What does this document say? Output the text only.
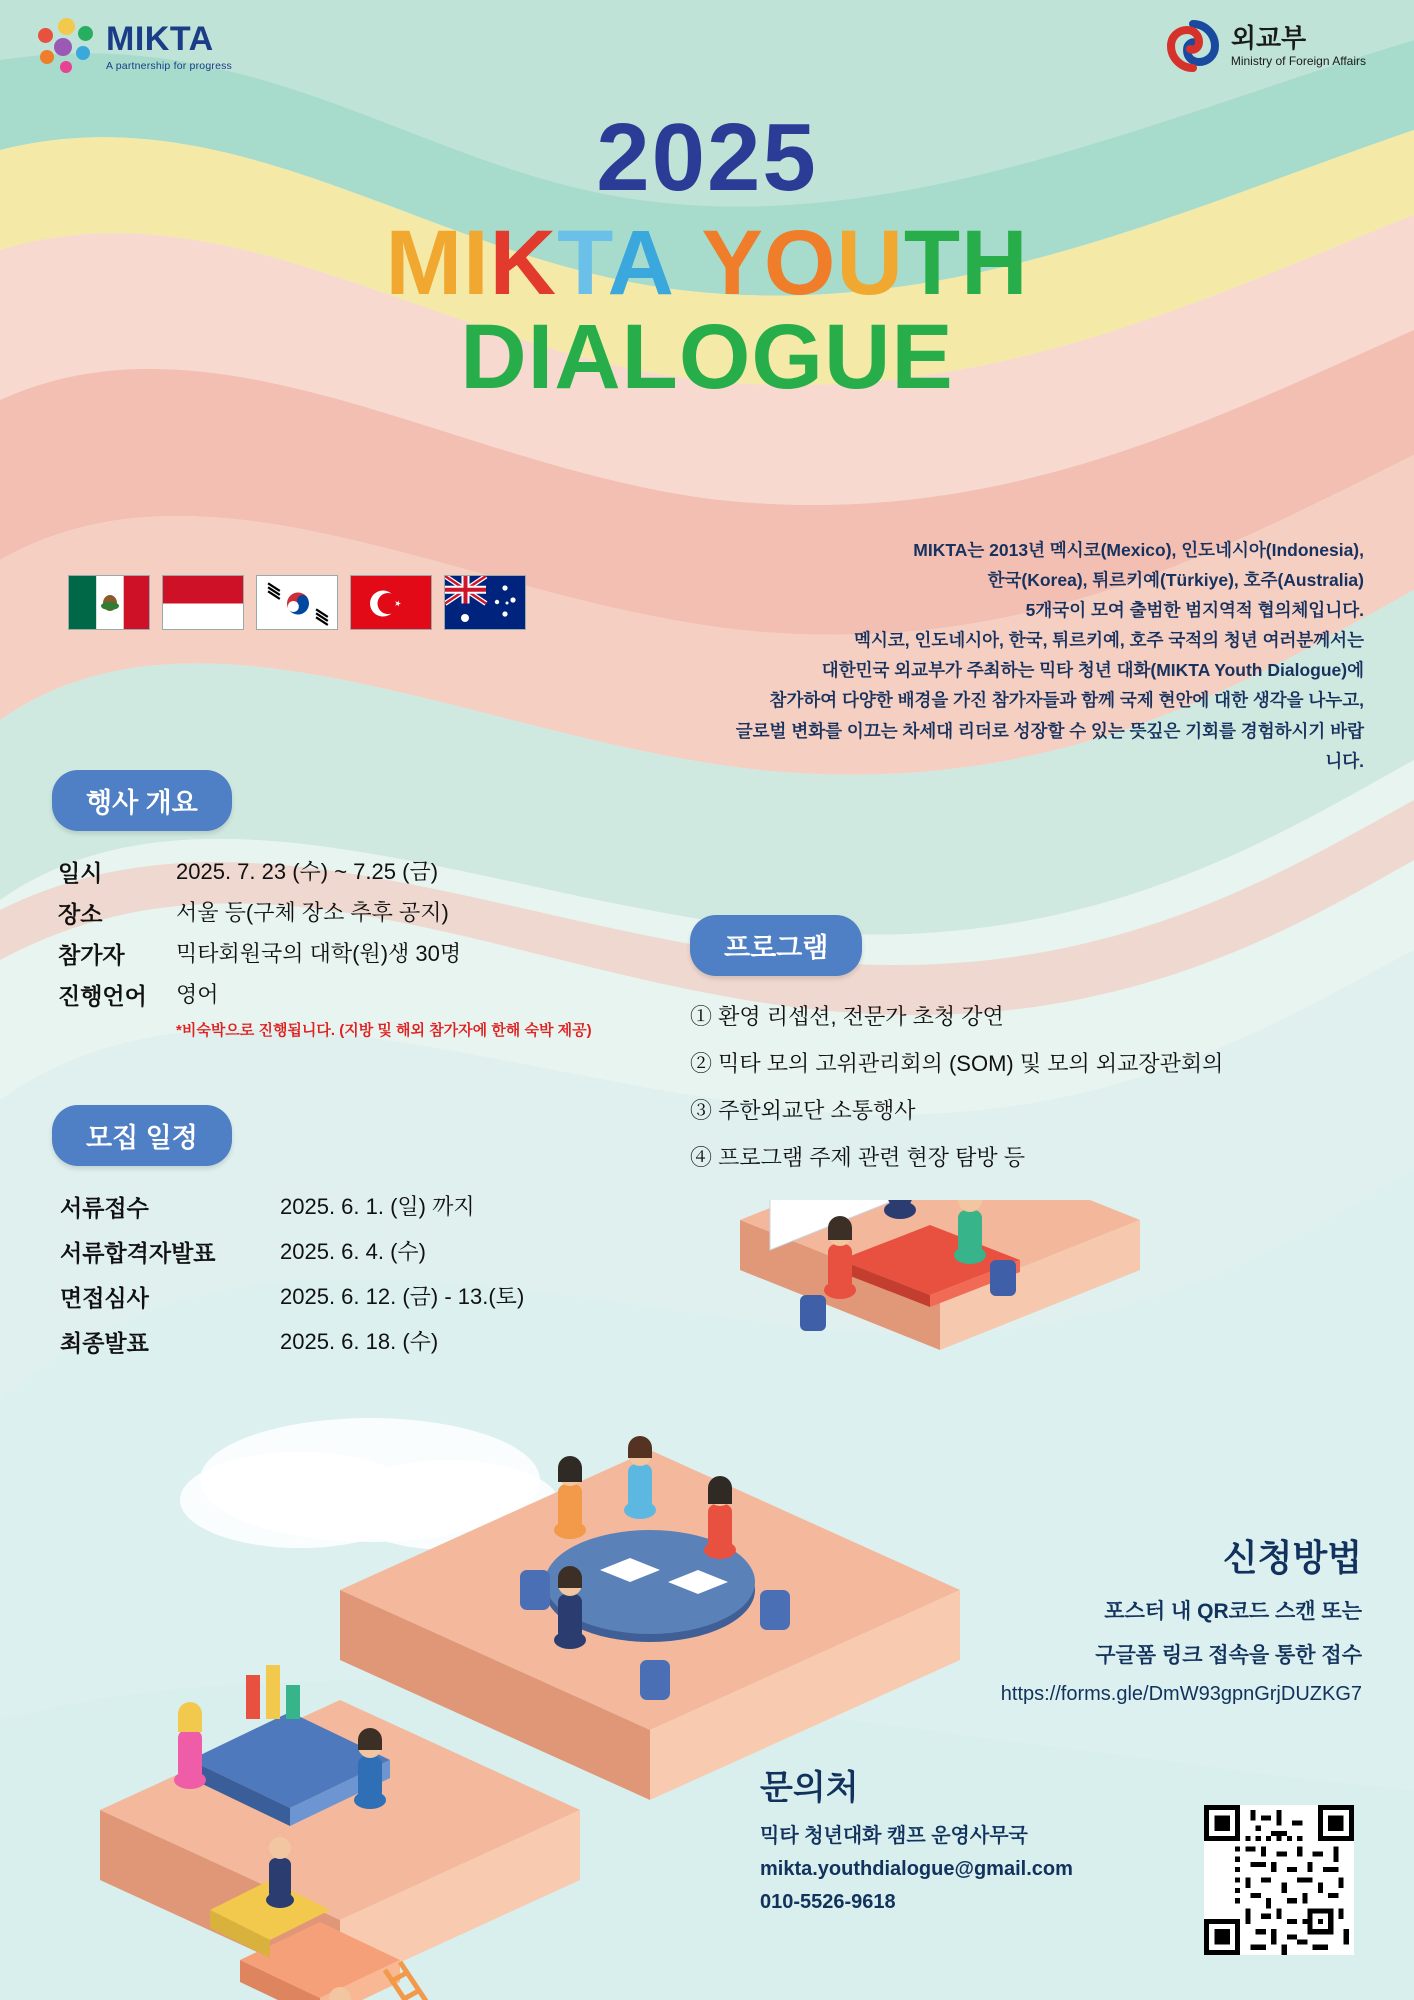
MIKTA
A partnership for progress
외교부
Ministry of Foreign Affairs
2025
MIKTA YOUTH
DIALOGUE
MIKTA는 2013년 멕시코(Mexico), 인도네시아(Indonesia),
한국(Korea), 튀르키예(Türkiye), 호주(Australia)
5개국이 모여 출범한 범지역적 협의체입니다.
멕시코, 인도네시아, 한국, 튀르키예, 호주 국적의 청년 여러분께서는
대한민국 외교부가 주최하는 믹타 청년 대화(MIKTA Youth Dialogue)에
참가하여 다양한 배경을 가진 참가자들과 함께 국제 현안에 대한 생각을 나누고,
글로벌 변화를 이끄는 차세대 리더로 성장할 수 있는 뜻깊은 기회를 경험하시기 바랍니다.
행사 개요
일시	2025. 7. 23 (수) ~ 7.25 (금)
장소	서울 등(구체 장소 추후 공지)
참가자	믹타회원국의 대학(원)생 30명
진행언어	영어
*비숙박으로 진행됩니다. (지방 및 해외 참가자에 한해 숙박 제공)
모집 일정
서류접수	2025. 6. 1. (일) 까지
서류합격자발표	2025. 6. 4. (수)
면접심사	2025. 6. 12. (금) - 13.(토)
최종발표	2025. 6. 18. (수)
프로그램
① 환영 리셉션, 전문가 초청 강연
② 믹타 모의 고위관리회의 (SOM) 및 모의 외교장관회의
③ 주한외교단 소통행사
④ 프로그램 주제 관련 현장 탐방 등
신청방법
포스터 내 QR코드 스캔 또는
구글폼 링크 접속을 통한 접수
https://forms.gle/DmW93gpnGrjDUZKG7
문의처
믹타 청년대화 캠프 운영사무국
mikta.youthdialogue@gmail.com
010-5526-9618
